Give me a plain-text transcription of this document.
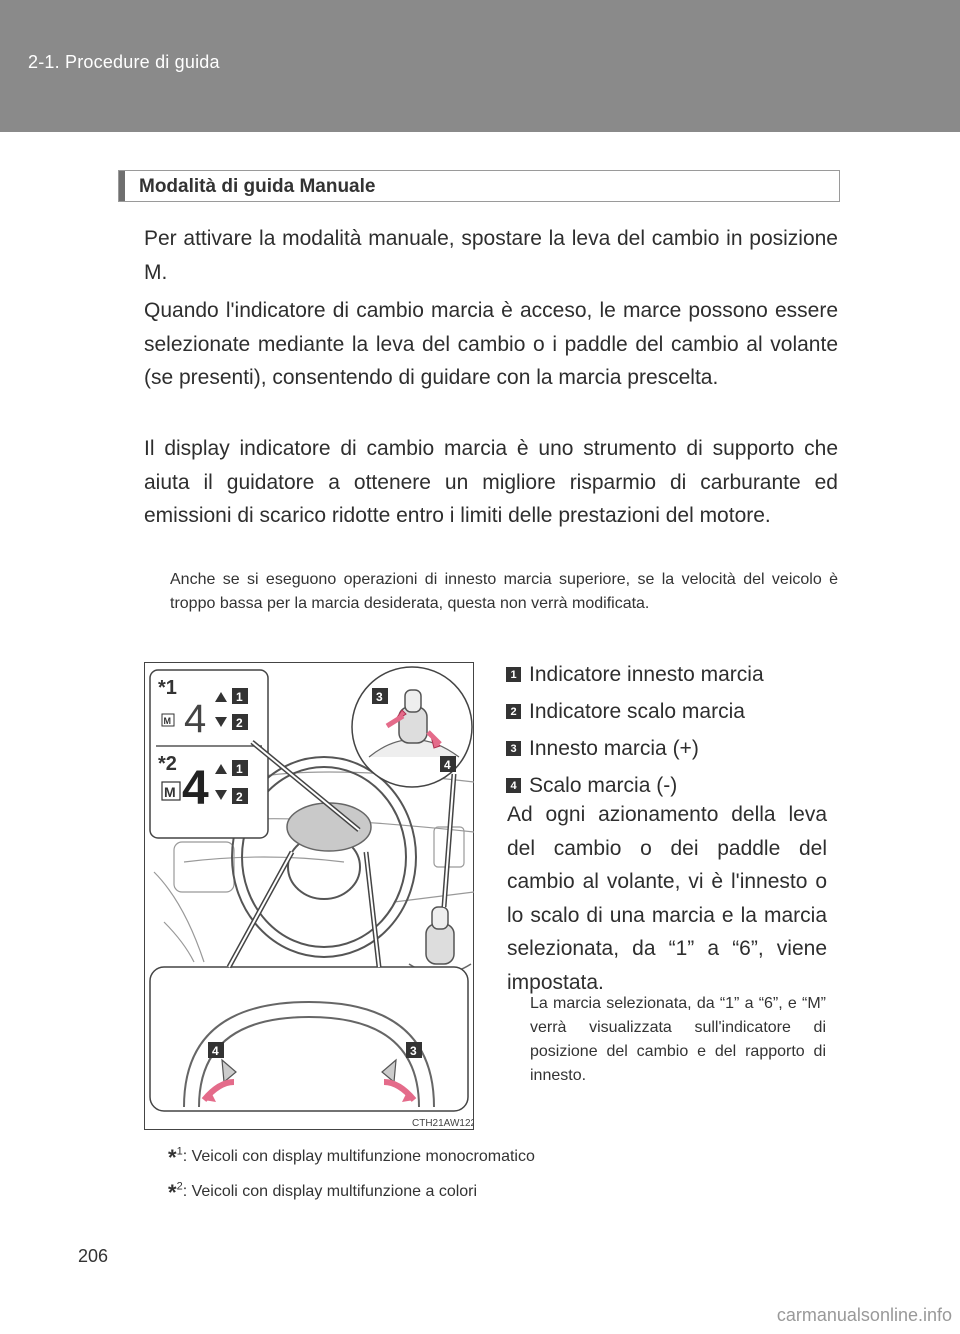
2-1. Procedure di guida
Modalità di guida Manuale

Per attivare la modalità manuale, spostare la leva del cambio in posizione M.

Quando l'indicatore di cambio marcia è acceso, le marce possono essere selezionate mediante la leva del cambio o i paddle del cambio al volante (se presenti), consentendo di guidare con la marcia prescelta.

Il display indicatore di cambio marcia è uno strumento di supporto che aiuta il guidatore a ottenere un migliore risparmio di carburante ed emissioni di scarico ridotte entro i limiti delle prestazioni del motore.

Anche se si eseguono operazioni di innesto marcia superiore, se la velocità del veicolo è troppo bassa per la marcia desiderata, questa non verrà modificata.

*1
M 4 1
2
*2
M 4 1
2
3
4
4	3
CTH21AW122
1 Indicatore innesto marcia
2 Indicatore scalo marcia
3 Innesto marcia (+)
4 Scalo marcia (-)

Ad ogni azionamento della leva del cambio o dei paddle del cambio al volante, vi è l'innesto o lo scalo di una marcia e la marcia selezionata, da “1” a “6”, viene impostata.

La marcia selezionata, da “1” a “6”, e “M” verrà visualizzata sull'indicatore di posizione del cambio e del rapporto di innesto.

*$^1$: Veicoli con display multifunzione monocromatico
*$^2$: Veicoli con display multifunzione a colori
206
carmanualsonline.info
